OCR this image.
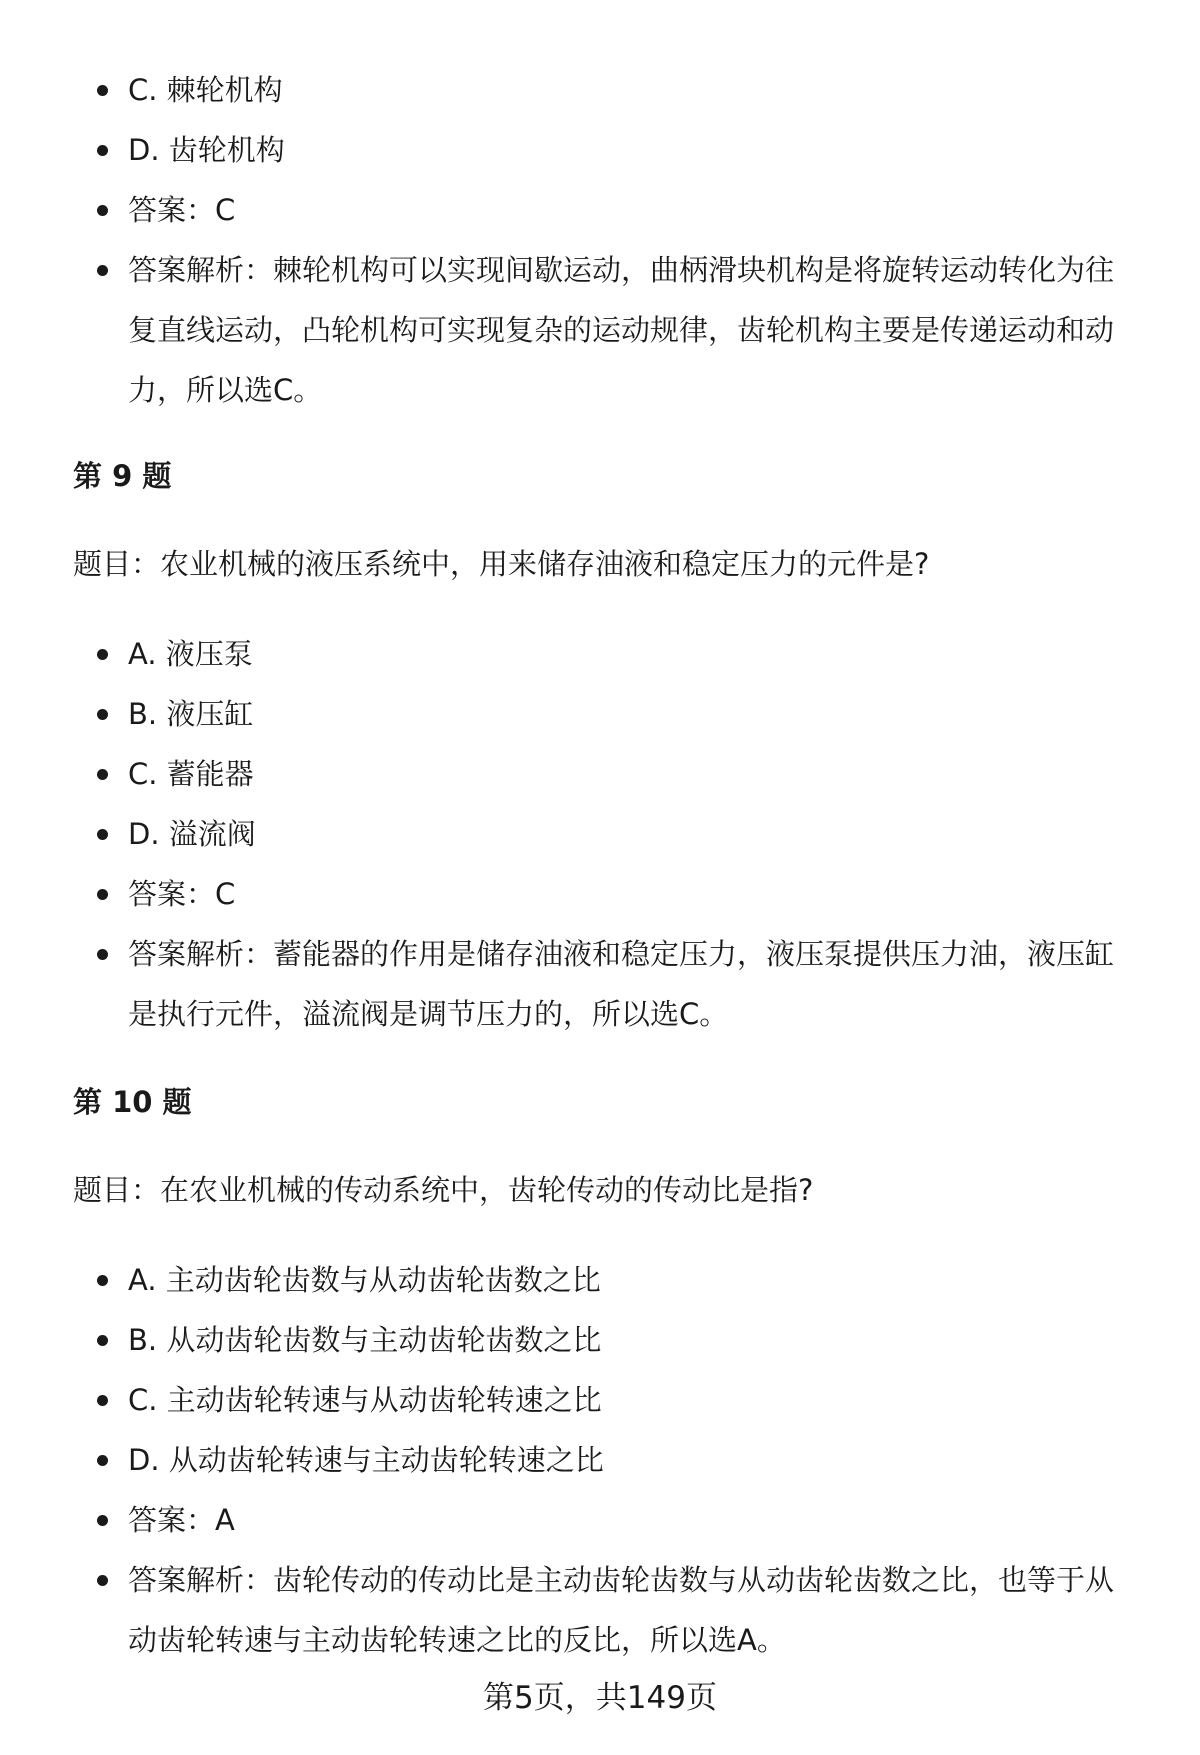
C. 棘轮机构
D. 齿轮机构
答案：C
答案解析：棘轮机构可以实现间歇运动，曲柄滑块机构是将旋转运动转化为往复直线运动，凸轮机构可实现复杂的运动规律，齿轮机构主要是传递运动和动力，所以选C。
第 9 题

题目：农业机械的液压系统中，用来储存油液和稳定压力的元件是?

A. 液压泵
B. 液压缸
C. 蓄能器
D. 溢流阀
答案：C
答案解析：蓄能器的作用是储存油液和稳定压力，液压泵提供压力油，液压缸是执行元件，溢流阀是调节压力的，所以选C。
第 10 题

题目：在农业机械的传动系统中，齿轮传动的传动比是指?

A. 主动齿轮齿数与从动齿轮齿数之比
B. 从动齿轮齿数与主动齿轮齿数之比
C. 主动齿轮转速与从动齿轮转速之比
D. 从动齿轮转速与主动齿轮转速之比
答案：A
答案解析：齿轮传动的传动比是主动齿轮齿数与从动齿轮齿数之比，也等于从动齿轮转速与主动齿轮转速之比的反比，所以选A。
第5页，共149页
